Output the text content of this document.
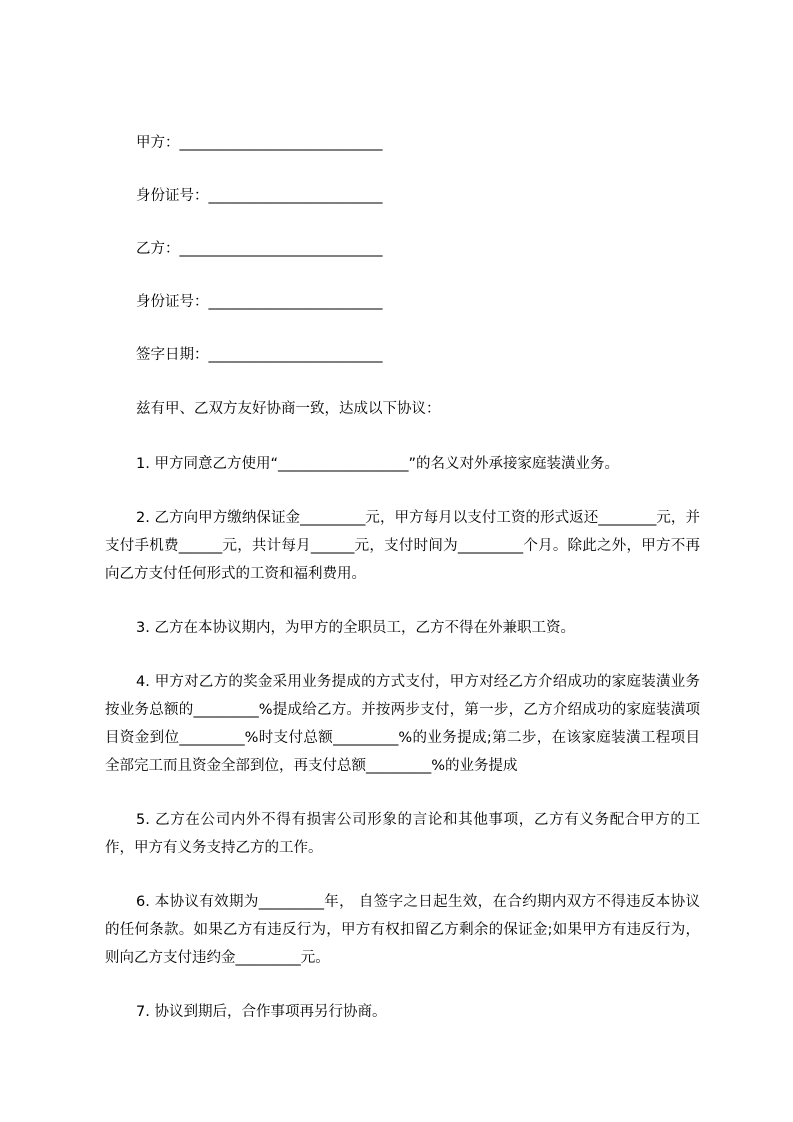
甲方：____________________________
身份证号：________________________
乙方：____________________________
身份证号：________________________
签字日期：________________________
兹有甲、乙双方友好协商一致，达成以下协议：

1. 甲方同意乙方使用“__________________”的名义对外承接家庭装潢业务。

2. 乙方向甲方缴纳保证金_________元，甲方每月以支付工资的形式返还________元，并支付手机费______元，共计每月______元，支付时间为_________个月。除此之外，甲方不再向乙方支付任何形式的工资和福利费用。

3. 乙方在本协议期内，为甲方的全职员工，乙方不得在外兼职工资。

4. 甲方对乙方的奖金采用业务提成的方式支付，甲方对经乙方介绍成功的家庭装潢业务按业务总额的_________%提成给乙方。并按两步支付，第一步，乙方介绍成功的家庭装潢项目资金到位_________%时支付总额_________%的业务提成;第二步，在该家庭装潢工程项目全部完工而且资金全部到位，再支付总额_________%的业务提成

5. 乙方在公司内外不得有损害公司形象的言论和其他事项，乙方有义务配合甲方的工作，甲方有义务支持乙方的工作。

6. 本协议有效期为_________年， 自签字之日起生效，在合约期内双方不得违反本协议的任何条款。如果乙方有违反行为，甲方有权扣留乙方剩余的保证金;如果甲方有违反行为，则向乙方支付违约金_________元。

7. 协议到期后，合作事项再另行协商。
